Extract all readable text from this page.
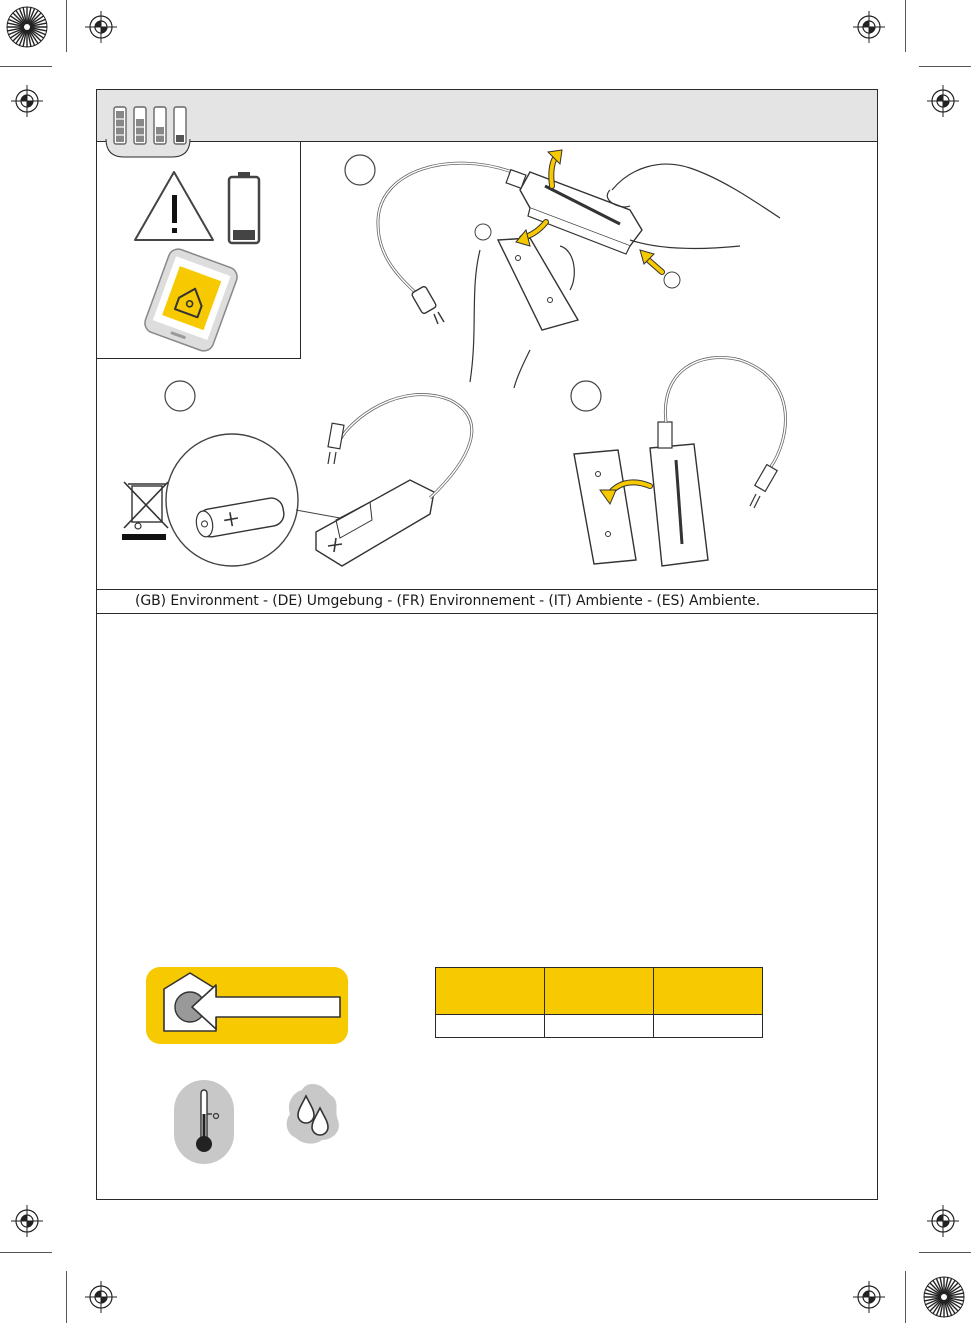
(GB) Environment - (DE) Umgebung - (FR) Environnement - (IT) Ambiente - (ES) Ambiente.
